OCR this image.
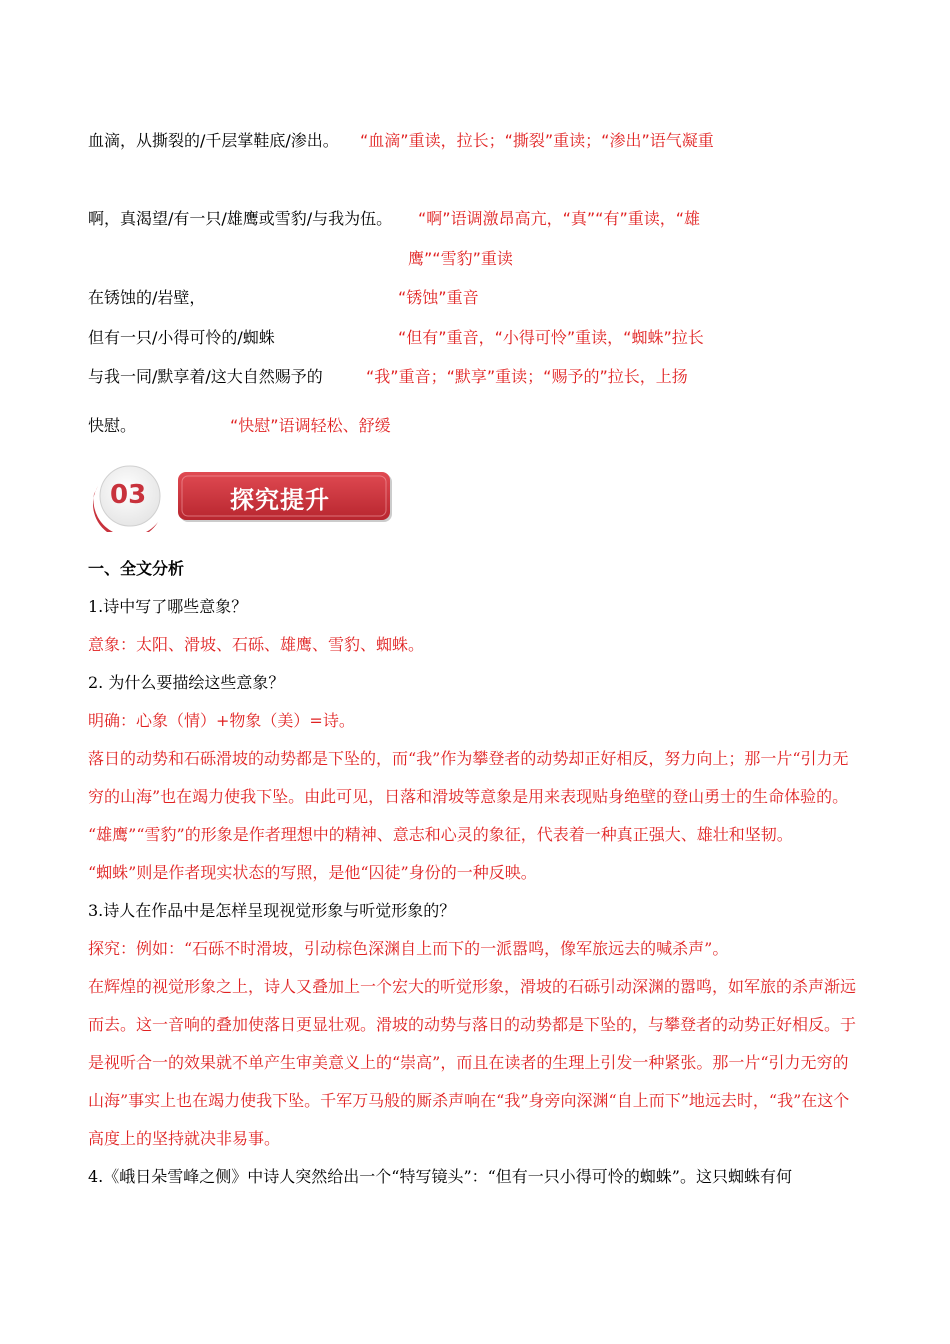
血滴，从撕裂的/千层掌鞋底/渗出。 “血滴”重读，拉长；“撕裂”重读；“渗出”语气凝重
啊，真渴望/有一只/雄鹰或雪豹/与我为伍。 “啊”语调激昂高亢，“真”“有”重读，“雄
鹰”“雪豹”重读
在锈蚀的/岩壁，	“锈蚀”重音
但有一只/小得可怜的/蜘蛛	“但有”重音，“小得可怜”重读，“蜘蛛”拉长
与我一同/默享着/这大自然赐予的	“我”重音；“默享”重读；“赐予的”拉长，上扬
快慰。	“快慰”语调轻松、舒缓
03	探究提升
一、全文分析

1.诗中写了哪些意象？

意象：太阳、滑坡、石砾、雄鹰、雪豹、蜘蛛。

2. 为什么要描绘这些意象？

明确：心象（情）+物象（美）=诗。

落日的动势和石砾滑坡的动势都是下坠的，而“我”作为攀登者的动势却正好相反，努力向上；那一片“引力无穷的山海”也在竭力使我下坠。由此可见，日落和滑坡等意象是用来表现贴身绝壁的登山勇士的生命体验的。

“雄鹰”“雪豹”的形象是作者理想中的精神、意志和心灵的象征，代表着一种真正强大、雄壮和坚韧。

“蜘蛛”则是作者现实状态的写照，是他“囚徒”身份的一种反映。

3.诗人在作品中是怎样呈现视觉形象与听觉形象的？

探究：例如：“石砾不时滑坡，引动棕色深渊自上而下的一派嚣鸣，像军旅远去的喊杀声”。

在辉煌的视觉形象之上，诗人又叠加上一个宏大的听觉形象，滑坡的石砾引动深渊的嚣鸣，如军旅的杀声渐远而去。这一音响的叠加使落日更显壮观。滑坡的动势与落日的动势都是下坠的，与攀登者的动势正好相反。于是视听合一的效果就不单产生审美意义上的“崇高”，而且在读者的生理上引发一种紧张。那一片“引力无穷的山海”事实上也在竭力使我下坠。千军万马般的厮杀声响在“我”身旁向深渊“自上而下”地远去时，“我”在这个高度上的坚持就决非易事。

4.《峨日朵雪峰之侧》中诗人突然给出一个“特写镜头”：“但有一只小得可怜的蜘蛛”。这只蜘蛛有何
